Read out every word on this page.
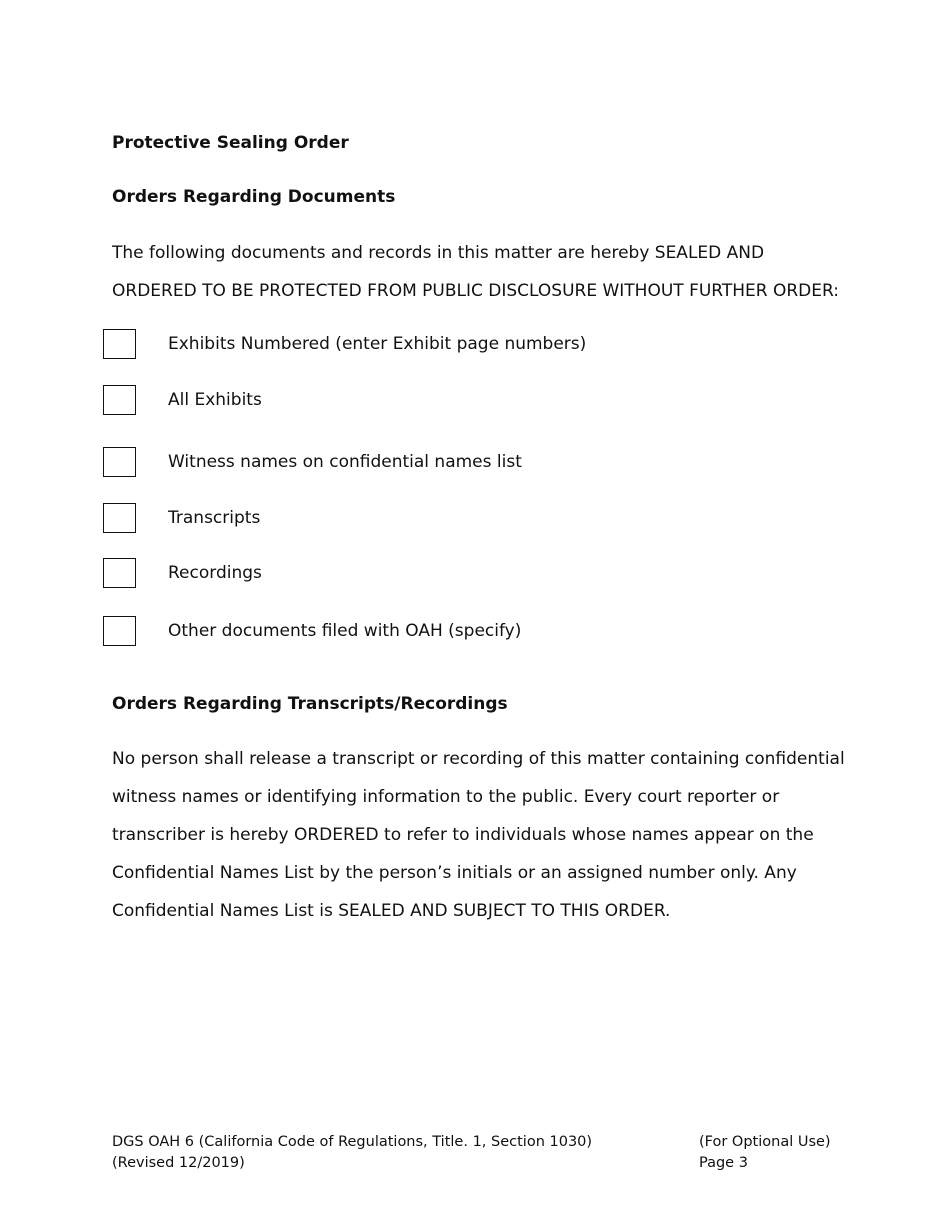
Protective Sealing Order
Orders Regarding Documents
The following documents and records in this matter are hereby SEALED AND
ORDERED TO BE PROTECTED FROM PUBLIC DISCLOSURE WITHOUT FURTHER ORDER:
Exhibits Numbered (enter Exhibit page numbers)
All Exhibits
Witness names on confidential names list
Transcripts
Recordings
Other documents filed with OAH (specify)
Orders Regarding Transcripts/Recordings
No person shall release a transcript or recording of this matter containing confidential
witness names or identifying information to the public. Every court reporter or
transcriber is hereby ORDERED to refer to individuals whose names appear on the
Confidential Names List by the person’s initials or an assigned number only. Any
Confidential Names List is SEALED AND SUBJECT TO THIS ORDER.
DGS OAH 6 (California Code of Regulations, Title. 1, Section 1030)
(Revised 12/2019)
(For Optional Use)
Page 3
